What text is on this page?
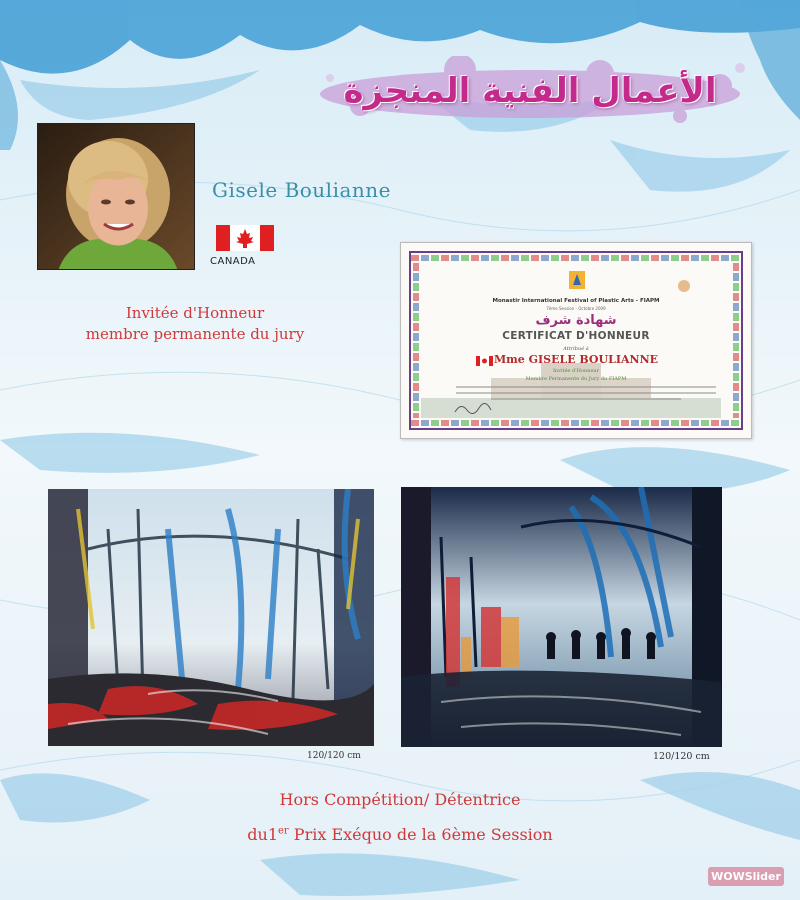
الأعمال الفنية المنجزة
Gisele Boulianne
CANADA
Invitée d'Honneur
membre permanente du jury
Monastir International Festival of Plastic Arts - FIAPM
7ème Session - Octobre 2009
شهادة شرف
CERTIFICAT D'HONNEUR
Attribué à
Mme GISELE BOULIANNE
Invitée d'Honneur
Membre Permanente du Jury du FIAPM
120/120 cm	120/120 cm
Hors Compétition/ Détentrice
du1er Prix Exéquo de la 6ème Session
WOWSlider
